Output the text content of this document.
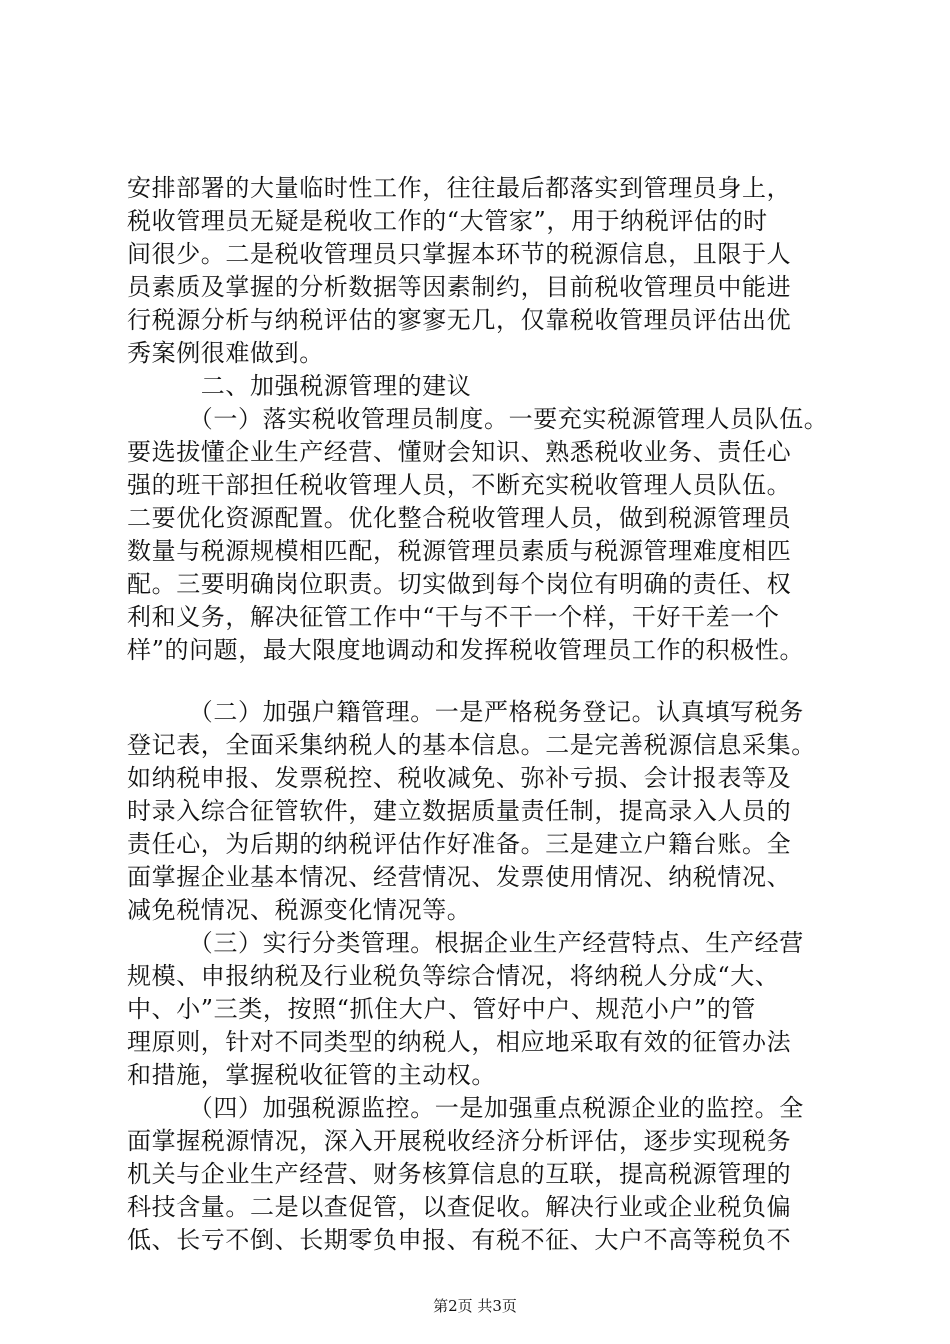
安排部署的大量临时性工作，往往最后都落实到管理员身上，
税收管理员无疑是税收工作的“大管家”，用于纳税评估的时
间很少。二是税收管理员只掌握本环节的税源信息，且限于人
员素质及掌握的分析数据等因素制约，目前税收管理员中能进
行税源分析与纳税评估的寥寥无几，仅靠税收管理员评估出优
秀案例很难做到。
　　　二、加强税源管理的建议
　　　（一）落实税收管理员制度。一要充实税源管理人员队伍。
要选拔懂企业生产经营、懂财会知识、熟悉税收业务、责任心
强的班干部担任税收管理人员，不断充实税收管理人员队伍。
二要优化资源配置。优化整合税收管理人员，做到税源管理员
数量与税源规模相匹配，税源管理员素质与税源管理难度相匹
配。三要明确岗位职责。切实做到每个岗位有明确的责任、权
利和义务，解决征管工作中“干与不干一个样，干好干差一个
样”的问题，最大限度地调动和发挥税收管理员工作的积极性。
　　　（二）加强户籍管理。一是严格税务登记。认真填写税务
登记表，全面采集纳税人的基本信息。二是完善税源信息采集。
如纳税申报、发票税控、税收减免、弥补亏损、会计报表等及
时录入综合征管软件，建立数据质量责任制，提高录入人员的
责任心，为后期的纳税评估作好准备。三是建立户籍台账。全
面掌握企业基本情况、经营情况、发票使用情况、纳税情况、
减免税情况、税源变化情况等。
　　　（三）实行分类管理。根据企业生产经营特点、生产经营
规模、申报纳税及行业税负等综合情况，将纳税人分成“大、
中、小”三类，按照“抓住大户、管好中户、规范小户”的管
理原则，针对不同类型的纳税人，相应地采取有效的征管办法
和措施，掌握税收征管的主动权。
　　　（四）加强税源监控。一是加强重点税源企业的监控。全
面掌握税源情况，深入开展税收经济分析评估，逐步实现税务
机关与企业生产经营、财务核算信息的互联，提高税源管理的
科技含量。二是以查促管，以查促收。解决行业或企业税负偏
低、长亏不倒、长期零负申报、有税不征、大户不高等税负不
第2页 共3页
